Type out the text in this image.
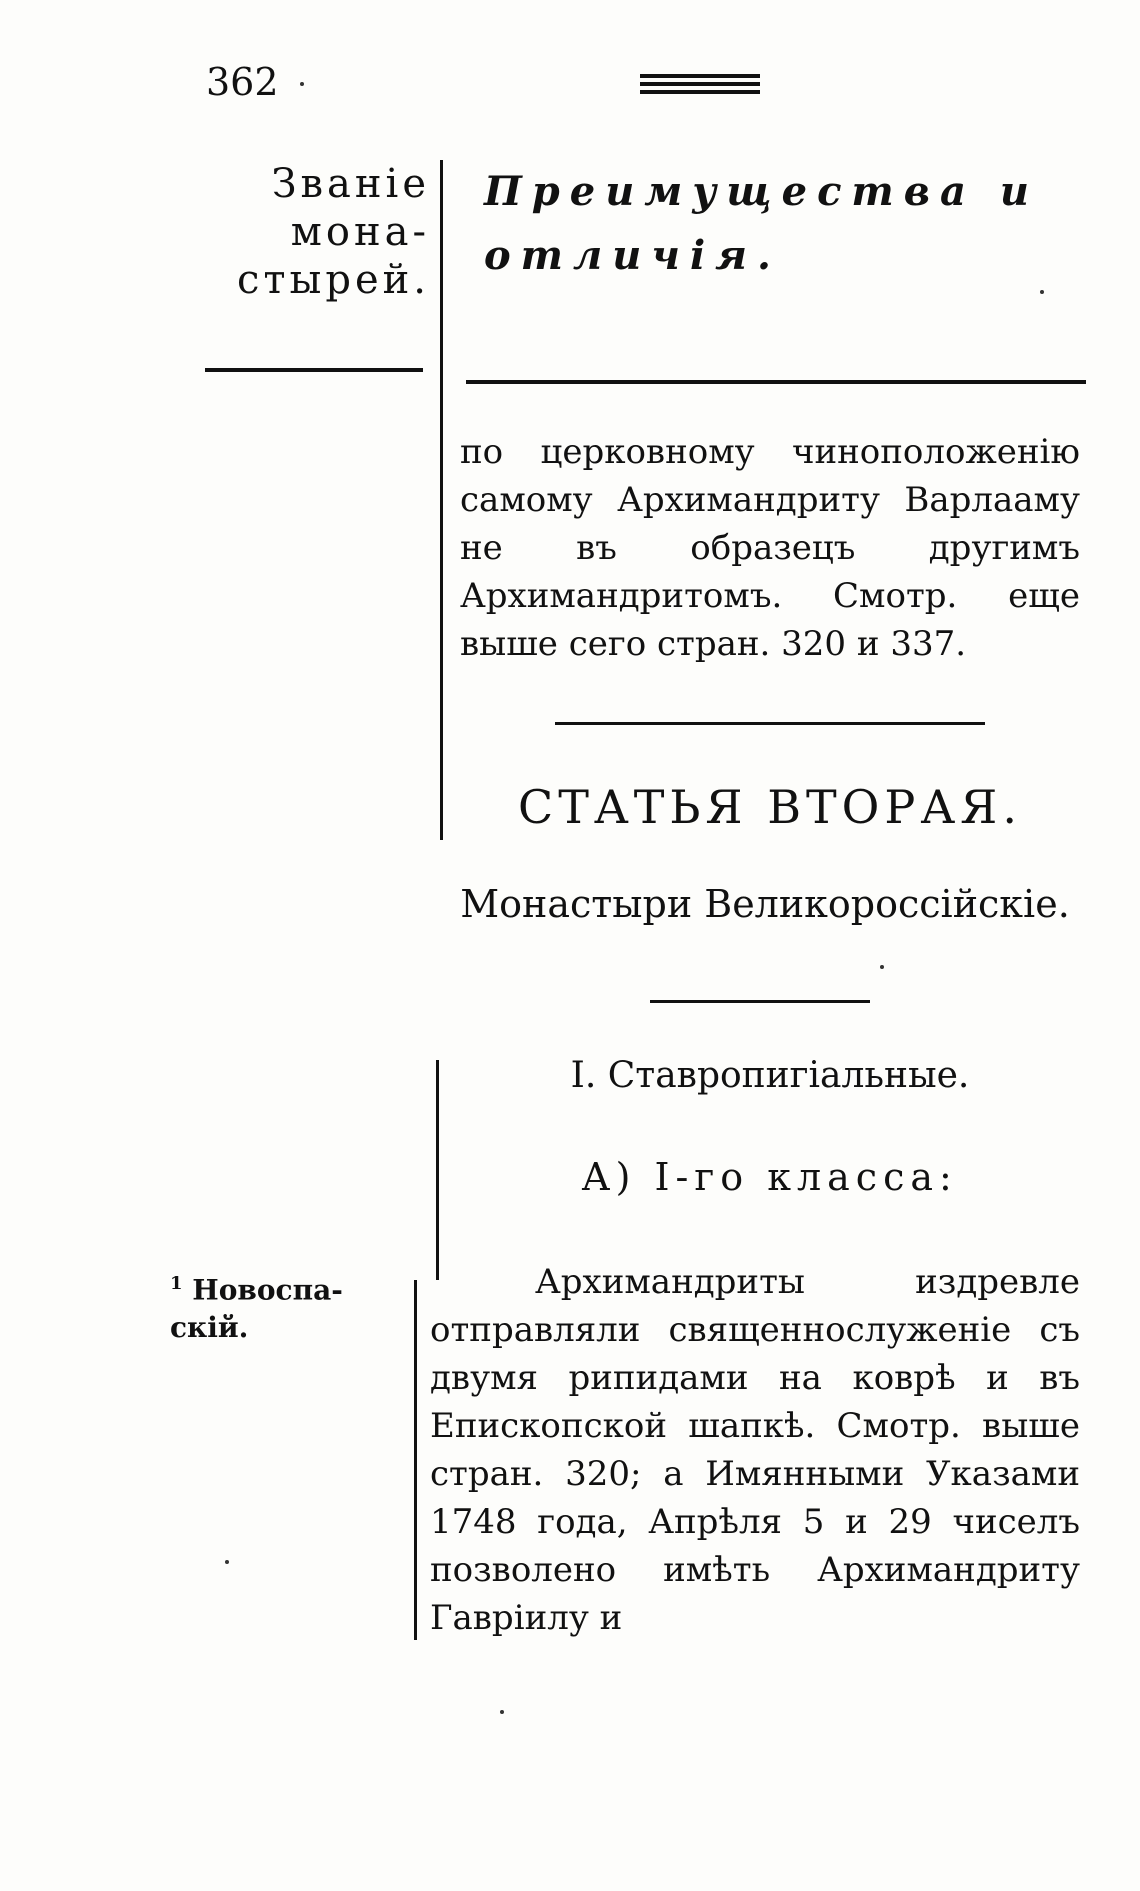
362
Званіе
мона-
стырей.
Преимущества и
отличія.

по церковному чиноположенію самому Архимандриту Варлааму не въ образецъ другимъ Архимандритомъ. Смотр. еще выше сего стран. 320 и 337.

СТАТЬЯ ВТОРАЯ.
Монастыри Великороссійскіе.
I. Ставропигіальные.
A) I-го класса:
$^1$ Новоспа-
скій.
Архимандриты издревле отправляли священнослуженіе съ двумя рипидами на коврѣ и въ Епископской шапкѣ. Смотр. выше стран. 320; а Имянными Указами 1748 года, Апрѣля 5 и 29 чиселъ позволено имѣть Архимандриту Гавріилу и
